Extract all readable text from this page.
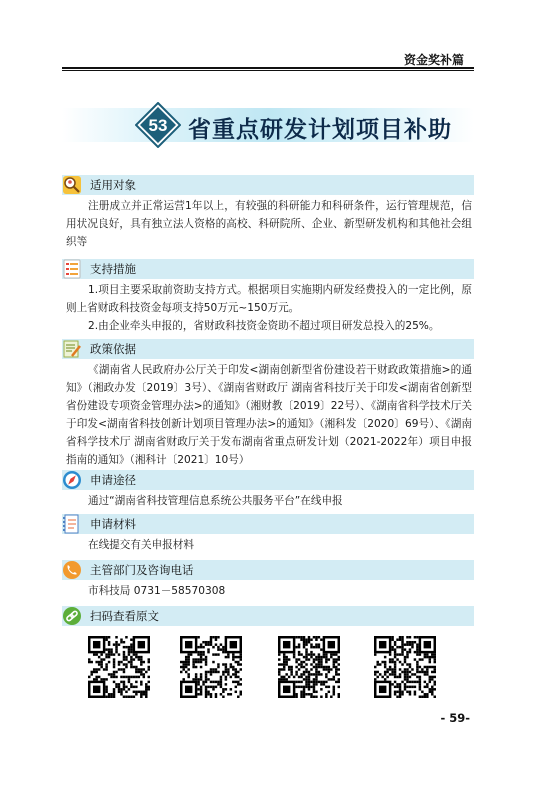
资金奖补篇
53 省重点研发计划项目补助
适用对象

注册成立并正常运营1年以上，有较强的科研能力和科研条件，运行管理规范，信用状况良好，具有独立法人资格的高校、科研院所、企业、新型研发机构和其他社会组织等

支持措施

1.项目主要采取前资助支持方式。根据项目实施期内研发经费投入的一定比例，原则上省财政科技资金每项支持50万元~150万元。

2.由企业牵头申报的，省财政科技资金资助不超过项目研发总投入的25%。

政策依据

《湖南省人民政府办公厅关于印发<湖南创新型省份建设若干财政政策措施>的通知》（湘政办发〔2019〕3号）、《湖南省财政厅 湖南省科技厅关于印发<湖南省创新型省份建设专项资金管理办法>的通知》（湘财教〔2019〕22号）、《湖南省科学技术厅关于印发<湖南省科技创新计划项目管理办法>的通知》（湘科发〔2020〕69号）、《湖南省科学技术厅 湖南省财政厅关于发布湖南省重点研发计划（2021-2022年）项目申报指南的通知》（湘科计〔2021〕10号）

申请途径
通过“湖南省科技管理信息系统公共服务平台”在线申报
申请材料
在线提交有关申报材料
主管部门及咨询电话
市科技局 0731－58570308
扫码查看原文
- 59-
